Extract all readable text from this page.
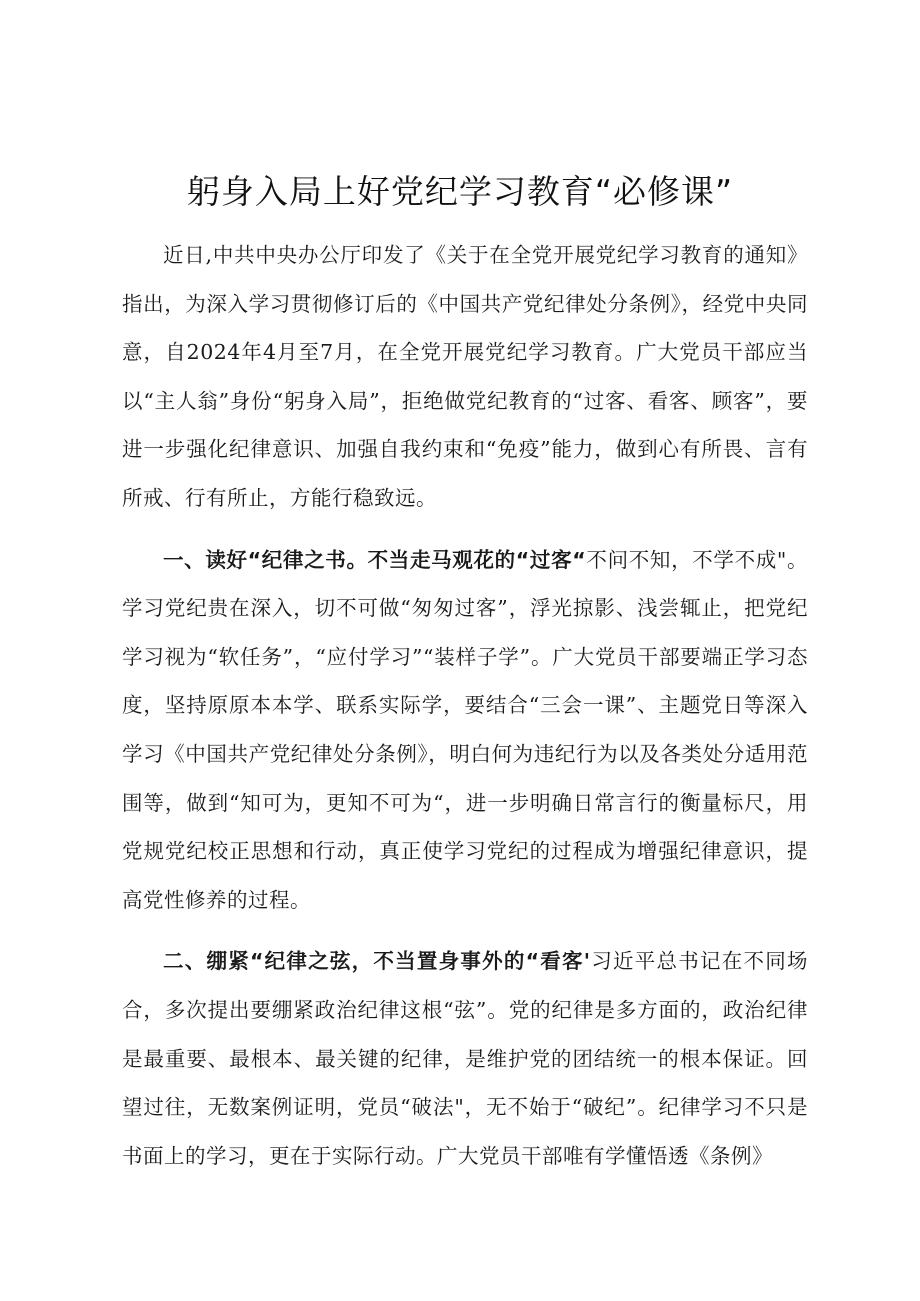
躬身入局上好党纪学习教育“必修课”

近日,中共中央办公厅印发了《关于在全党开展党纪学习教育的通知》指出，为深入学习贯彻修订后的《中国共产党纪律处分条例》，经党中央同意，自2024年4月至7月，在全党开展党纪学习教育。广大党员干部应当以“主人翁”身份“躬身入局”，拒绝做党纪教育的“过客、看客、顾客”，要进一步强化纪律意识、加强自我约束和“免疫”能力，做到心有所畏、言有所戒、行有所止，方能行稳致远。

一、读好“纪律之书。不当走马观花的“过客“不问不知，不学不成"。学习党纪贵在深入，切不可做“匆匆过客”，浮光掠影、浅尝辄止，把党纪学习视为“软任务”，“应付学习”“装样子学”。广大党员干部要端正学习态度，坚持原原本本学、联系实际学，要结合“三会一课”、主题党日等深入学习《中国共产党纪律处分条例》，明白何为违纪行为以及各类处分适用范围等，做到“知可为，更知不可为“，进一步明确日常言行的衡量标尺，用党规党纪校正思想和行动，真正使学习党纪的过程成为增强纪律意识，提高党性修养的过程。

二、绷紧“纪律之弦，不当置身事外的“看客'习近平总书记在不同场合，多次提出要绷紧政治纪律这根“弦”。党的纪律是多方面的，政治纪律是最重要、最根本、最关键的纪律，是维护党的团结统一的根本保证。回望过往，无数案例证明，党员“破法"，无不始于“破纪”。纪律学习不只是书面上的学习，更在于实际行动。广大党员干部唯有学懂悟透《条例》
